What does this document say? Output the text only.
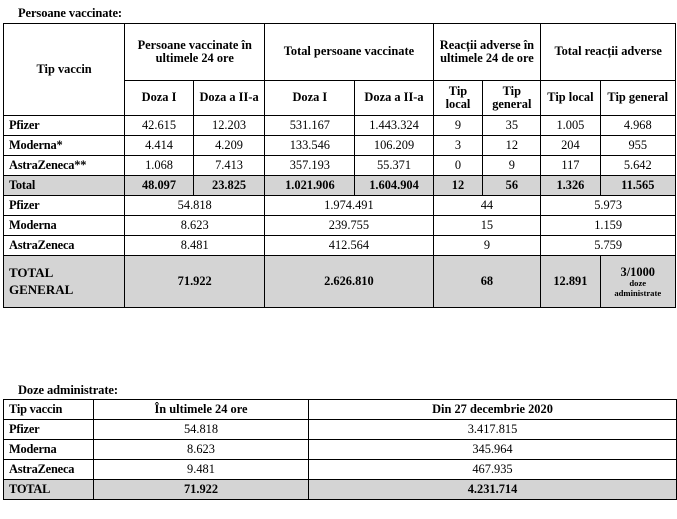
Persoane vaccinate:
Tip vaccin	Persoane vaccinate în ultimele 24 ore		Total persoane vaccinate		Reacții adverse în ultimele 24 de ore		Total reacții adverse	
	Doza I	Doza a II-a	Doza I	Doza a II-a	Tip local	Tip general	Tip local	Tip general
Pfizer	42.615	12.203	531.167	1.443.324	9	35	1.005	4.968
Moderna*	4.414	4.209	133.546	106.209	3	12	204	955
AstraZeneca**	1.068	7.413	357.193	55.371	0	9	117	5.642
Total	48.097	23.825	1.021.906	1.604.904	12	56	1.326	11.565
Pfizer	54.818		1.974.491		44		5.973	
Moderna	8.623		239.755		15		1.159	
AstraZeneca	8.481		412.564		9		5.759	
TOTAL
GENERAL	71.922		2.626.810		68		12.891	3/1000
doze
administrate
Doze administrate:
Tip vaccin	În ultimele 24 ore	Din 27 decembrie 2020
Pfizer	54.818	3.417.815
Moderna	8.623	345.964
AstraZeneca	9.481	467.935
TOTAL	71.922	4.231.714
